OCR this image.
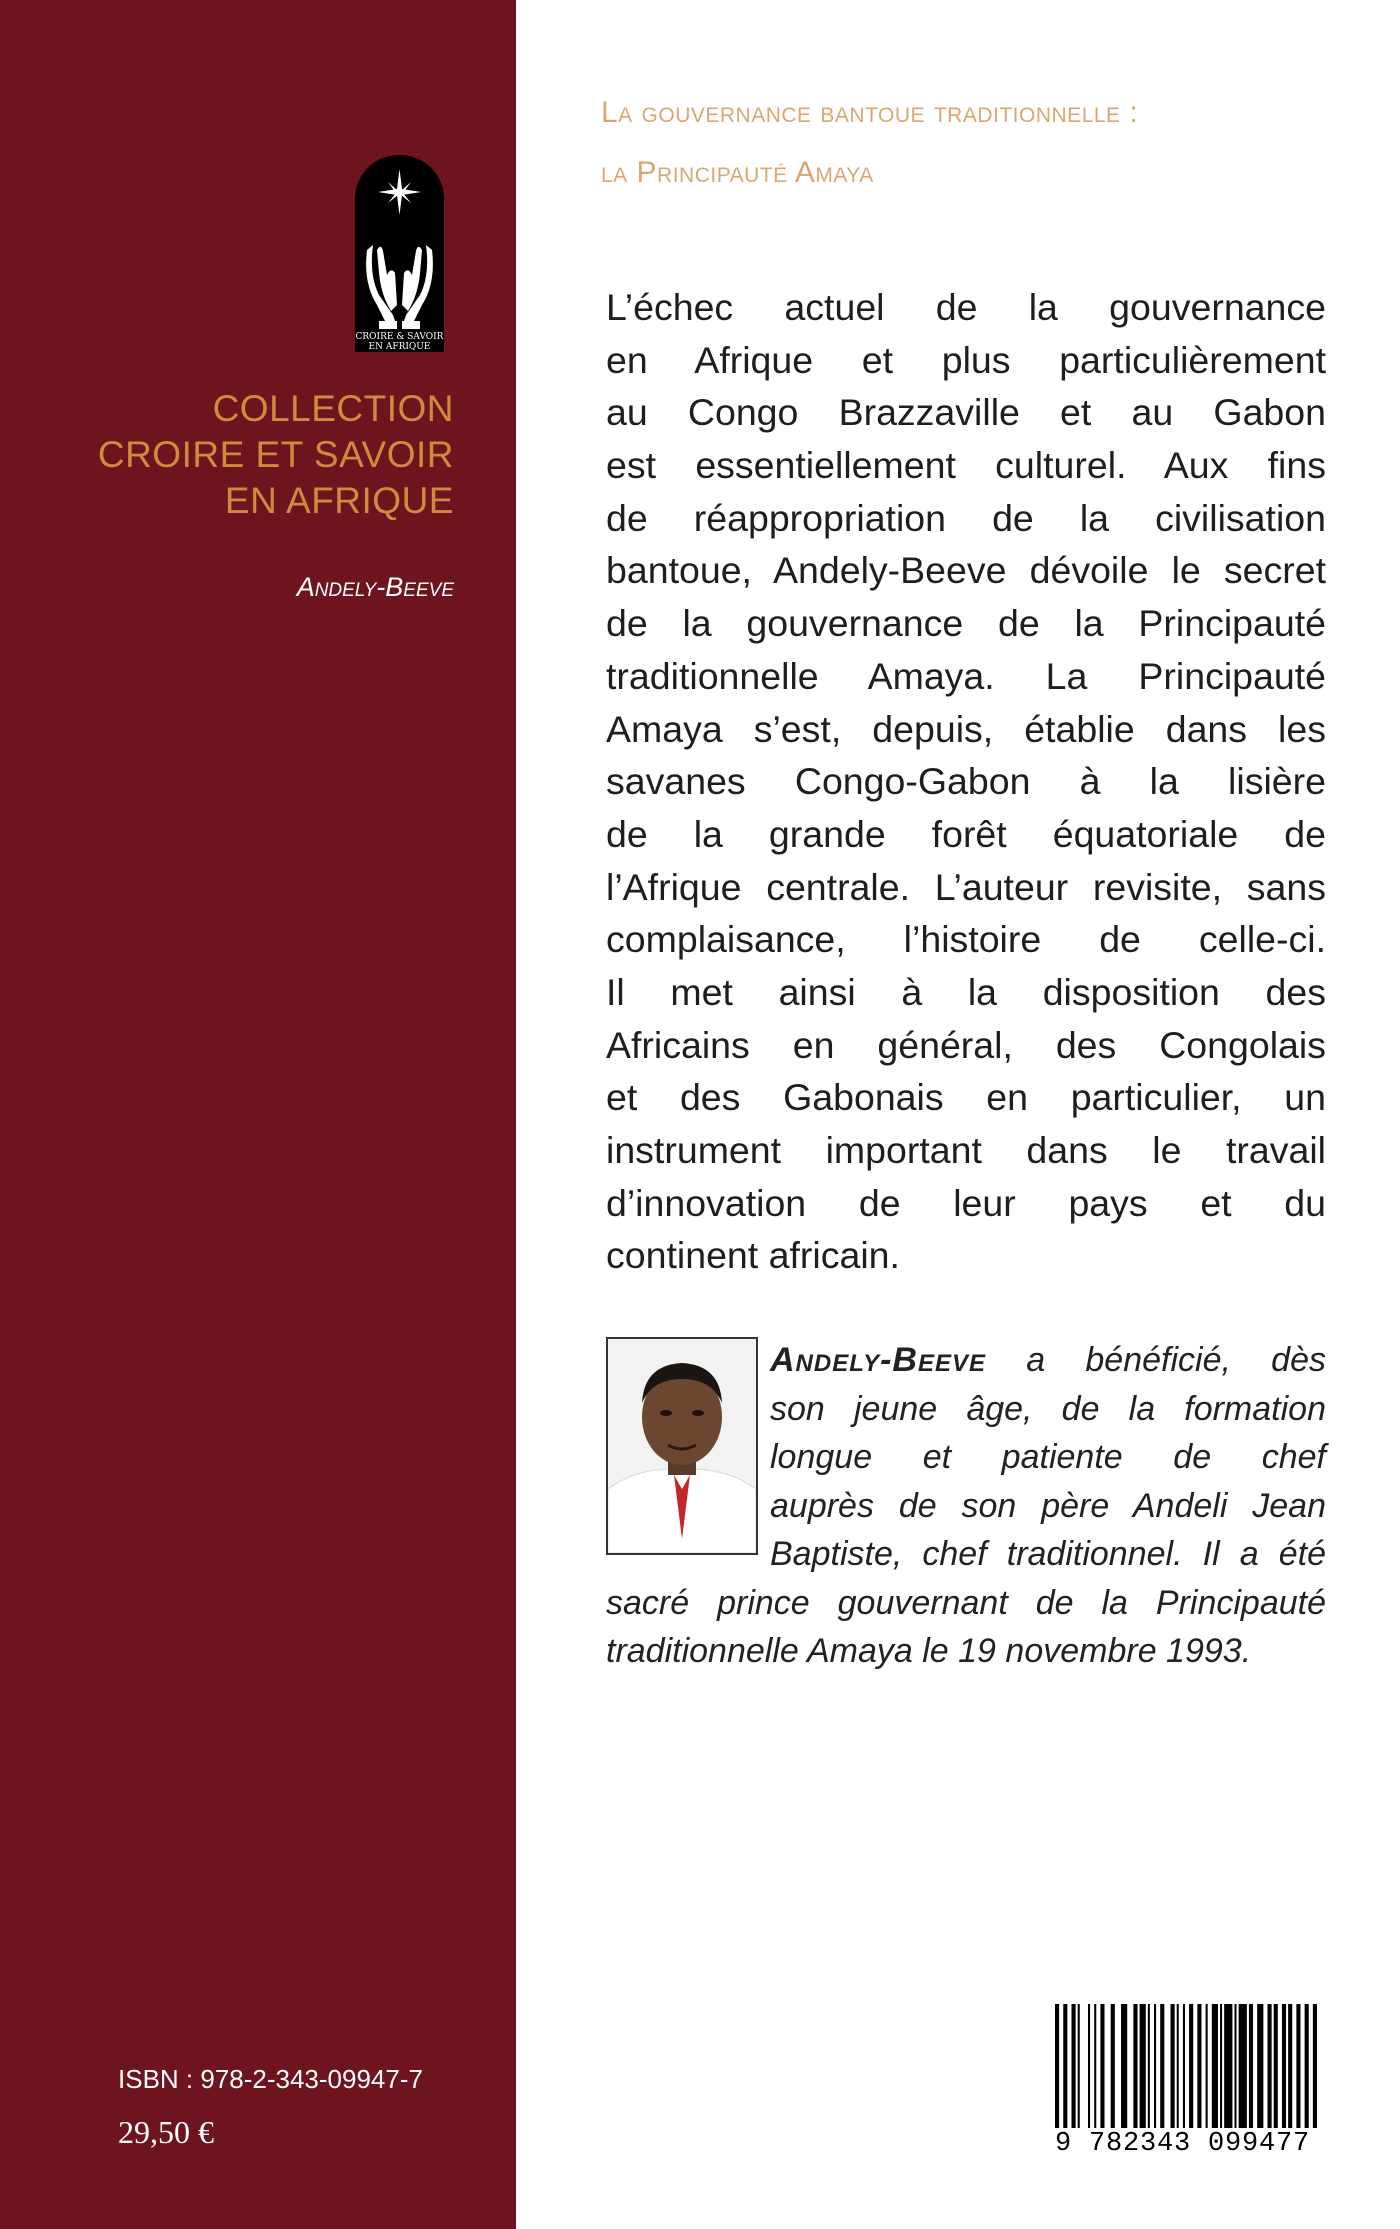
CROIRE & SAVOIR
EN AFRIQUE
COLLECTION
CROIRE ET SAVOIR
EN AFRIQUE
Andely-Beeve
La gouvernance bantoue traditionnelle :
la Principauté Amaya
L’échec actuel de la gouvernance
en Afrique et plus particulièrement
au Congo Brazzaville et au Gabon
est essentiellement culturel. Aux fins
de réappropriation de la civilisation
bantoue, Andely-Beeve dévoile le secret
de la gouvernance de la Principauté
traditionnelle Amaya. La Principauté
Amaya s’est, depuis, établie dans les
savanes Congo-Gabon à la lisière
de la grande forêt équatoriale de
l’Afrique centrale. L’auteur revisite, sans
complaisance, l’histoire de celle-ci.
Il met ainsi à la disposition des
Africains en général, des Congolais
et des Gabonais en particulier, un
instrument important dans le travail
d’innovation de leur pays et du
continent africain.
Andely-Beeve a bénéficié, dès
son jeune âge, de la formation
longue et patiente de chef
auprès de son père Andeli Jean
Baptiste, chef traditionnel. Il a été
sacré prince gouvernant de la Principauté
traditionnelle Amaya le 19 novembre 1993.
ISBN : 978-2-343-09947-7
29,50 €	9 782343 099477
